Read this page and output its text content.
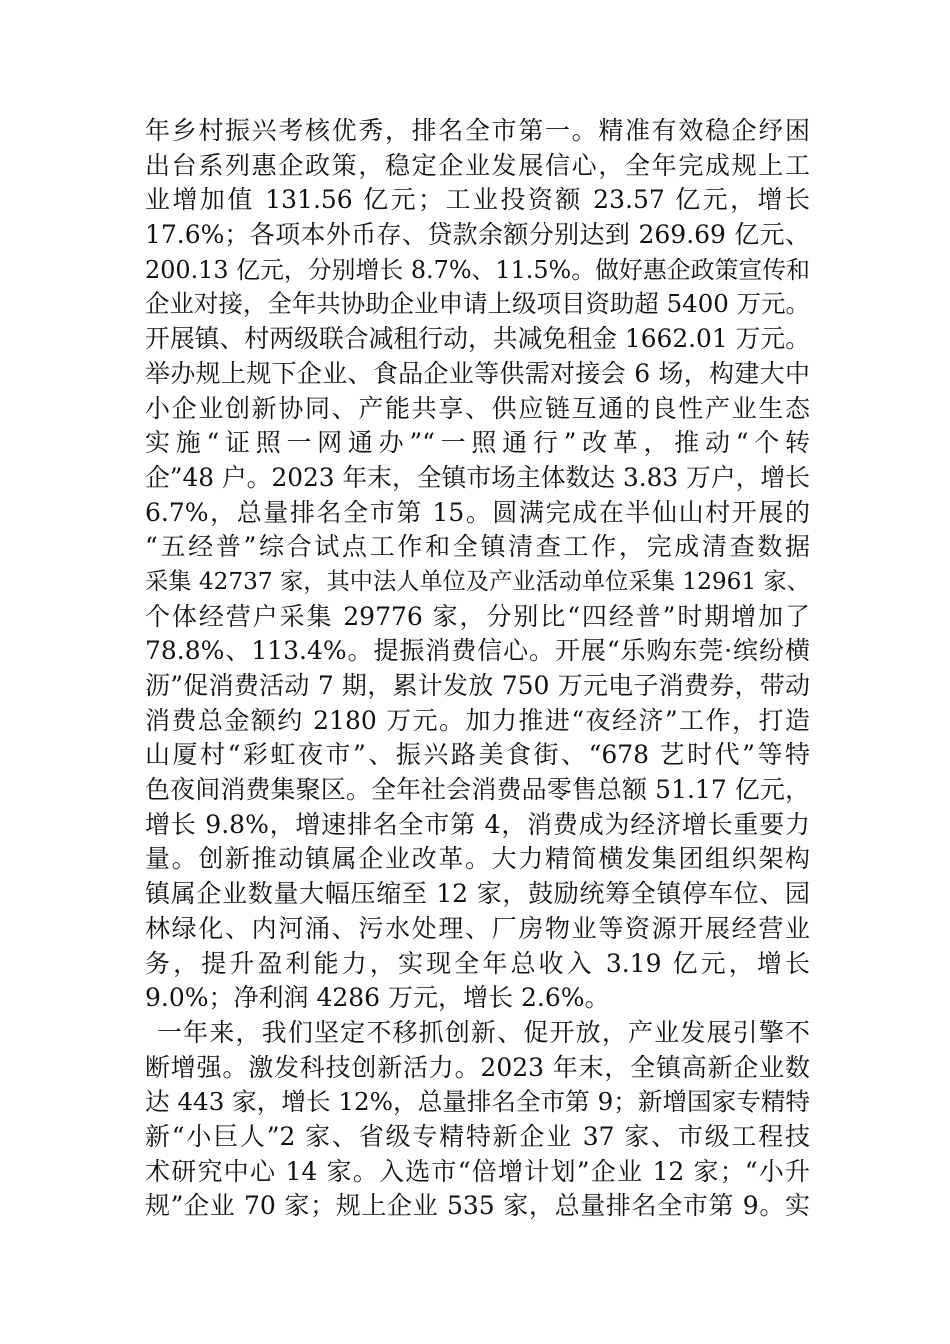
年乡村振兴考核优秀，排名全市第一。精准有效稳企纾困
出台系列惠企政策，稳定企业发展信心，全年完成规上工
业增加值 131.56 亿元；工业投资额 23.57 亿元，增长
17.6%；各项本外币存、贷款余额分别达到 269.69 亿元、
200.13 亿元，分别增长 8.7%、11.5%。做好惠企政策宣传和
企业对接，全年共协助企业申请上级项目资助超 5400 万元。
开展镇、村两级联合减租行动，共减免租金 1662.01 万元。
举办规上规下企业、食品企业等供需对接会 6 场，构建大中
小企业创新协同、产能共享、供应链互通的良性产业生态
实施“证照一网通办”“一照通行”改革，推动“个转
企”48 户。2023 年末，全镇市场主体数达 3.83 万户，增长
6.7%，总量排名全市第 15。圆满完成在半仙山村开展的
“五经普”综合试点工作和全镇清查工作，完成清查数据
采集 42737 家，其中法人单位及产业活动单位采集 12961 家、
个体经营户采集 29776 家，分别比“四经普”时期增加了
78.8%、113.4%。提振消费信心。开展“乐购东莞·缤纷横
沥”促消费活动 7 期，累计发放 750 万元电子消费券，带动
消费总金额约 2180 万元。加力推进“夜经济”工作，打造
山厦村“彩虹夜市”、振兴路美食街、“678 艺时代”等特
色夜间消费集聚区。全年社会消费品零售总额 51.17 亿元，
增长 9.8%，增速排名全市第 4，消费成为经济增长重要力
量。创新推动镇属企业改革。大力精简横发集团组织架构
镇属企业数量大幅压缩至 12 家，鼓励统筹全镇停车位、园
林绿化、内河涌、污水处理、厂房物业等资源开展经营业
务，提升盈利能力，实现全年总收入 3.19 亿元，增长
9.0%；净利润 4286 万元，增长 2.6%。
一年来，我们坚定不移抓创新、促开放，产业发展引擎不
断增强。激发科技创新活力。2023 年末，全镇高新企业数
达 443 家，增长 12%，总量排名全市第 9；新增国家专精特
新“小巨人”2 家、省级专精特新企业 37 家、市级工程技
术研究中心 14 家。入选市“倍增计划”企业 12 家；“小升
规”企业 70 家；规上企业 535 家，总量排名全市第 9。实
